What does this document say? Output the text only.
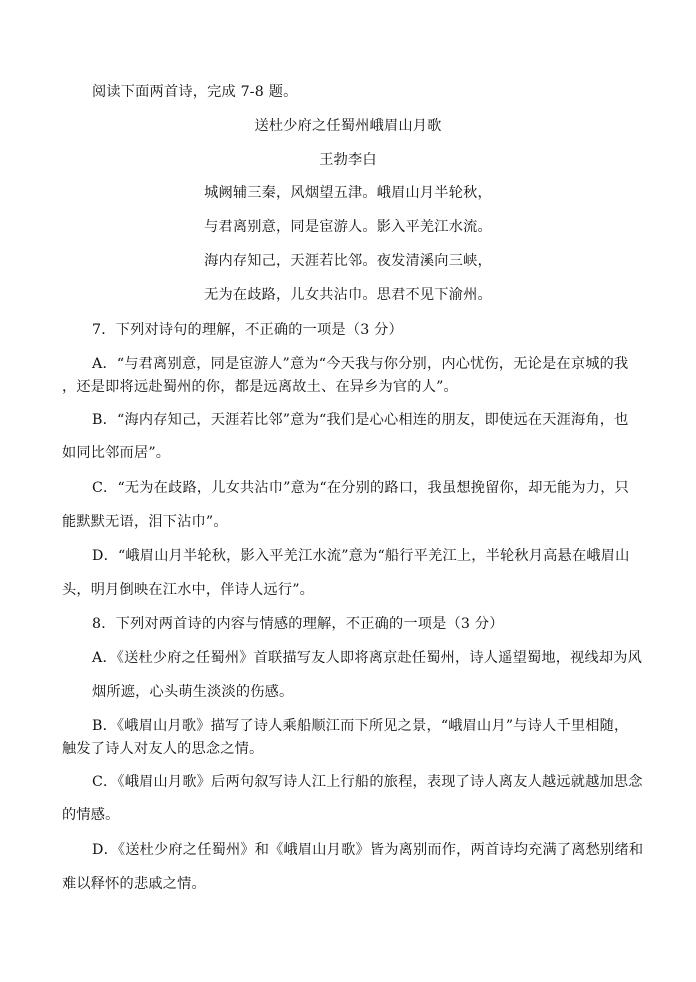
阅读下面两首诗，完成 7-8 题。
送杜少府之任蜀州峨眉山月歌
王勃李白
城阙辅三秦，风烟望五津。峨眉山月半轮秋，
与君离别意，同是宦游人。影入平羌江水流。
海内存知己，天涯若比邻。夜发清溪向三峡，
无为在歧路，儿女共沾巾。思君不见下渝州。
7．下列对诗句的理解，不正确的一项是（3 分）
A．“与君离别意，同是宦游人”意为“今天我与你分别，内心忧伤，无论是在京城的我
，还是即将远赴蜀州的你，都是远离故土、在异乡为官的人”。
B．“海内存知己，天涯若比邻”意为“我们是心心相连的朋友，即使远在天涯海角，也
如同比邻而居”。
C．“无为在歧路，儿女共沾巾”意为“在分别的路口，我虽想挽留你，却无能为力，只
能默默无语，泪下沾巾”。
D．“峨眉山月半轮秋，影入平羌江水流”意为“船行平羌江上，半轮秋月高悬在峨眉山
头，明月倒映在江水中，伴诗人远行”。
8．下列对两首诗的内容与情感的理解，不正确的一项是（3 分）
A．《送杜少府之任蜀州》首联描写友人即将离京赴任蜀州，诗人遥望蜀地，视线却为风
烟所遮，心头萌生淡淡的伤感。
B．《峨眉山月歌》描写了诗人乘船顺江而下所见之景，“峨眉山月”与诗人千里相随，
触发了诗人对友人的思念之情。
C．《峨眉山月歌》后两句叙写诗人江上行船的旅程，表现了诗人离友人越远就越加思念
的情感。
D．《送杜少府之任蜀州》和《峨眉山月歌》皆为离别而作，两首诗均充满了离愁别绪和
难以释怀的悲戚之情。
